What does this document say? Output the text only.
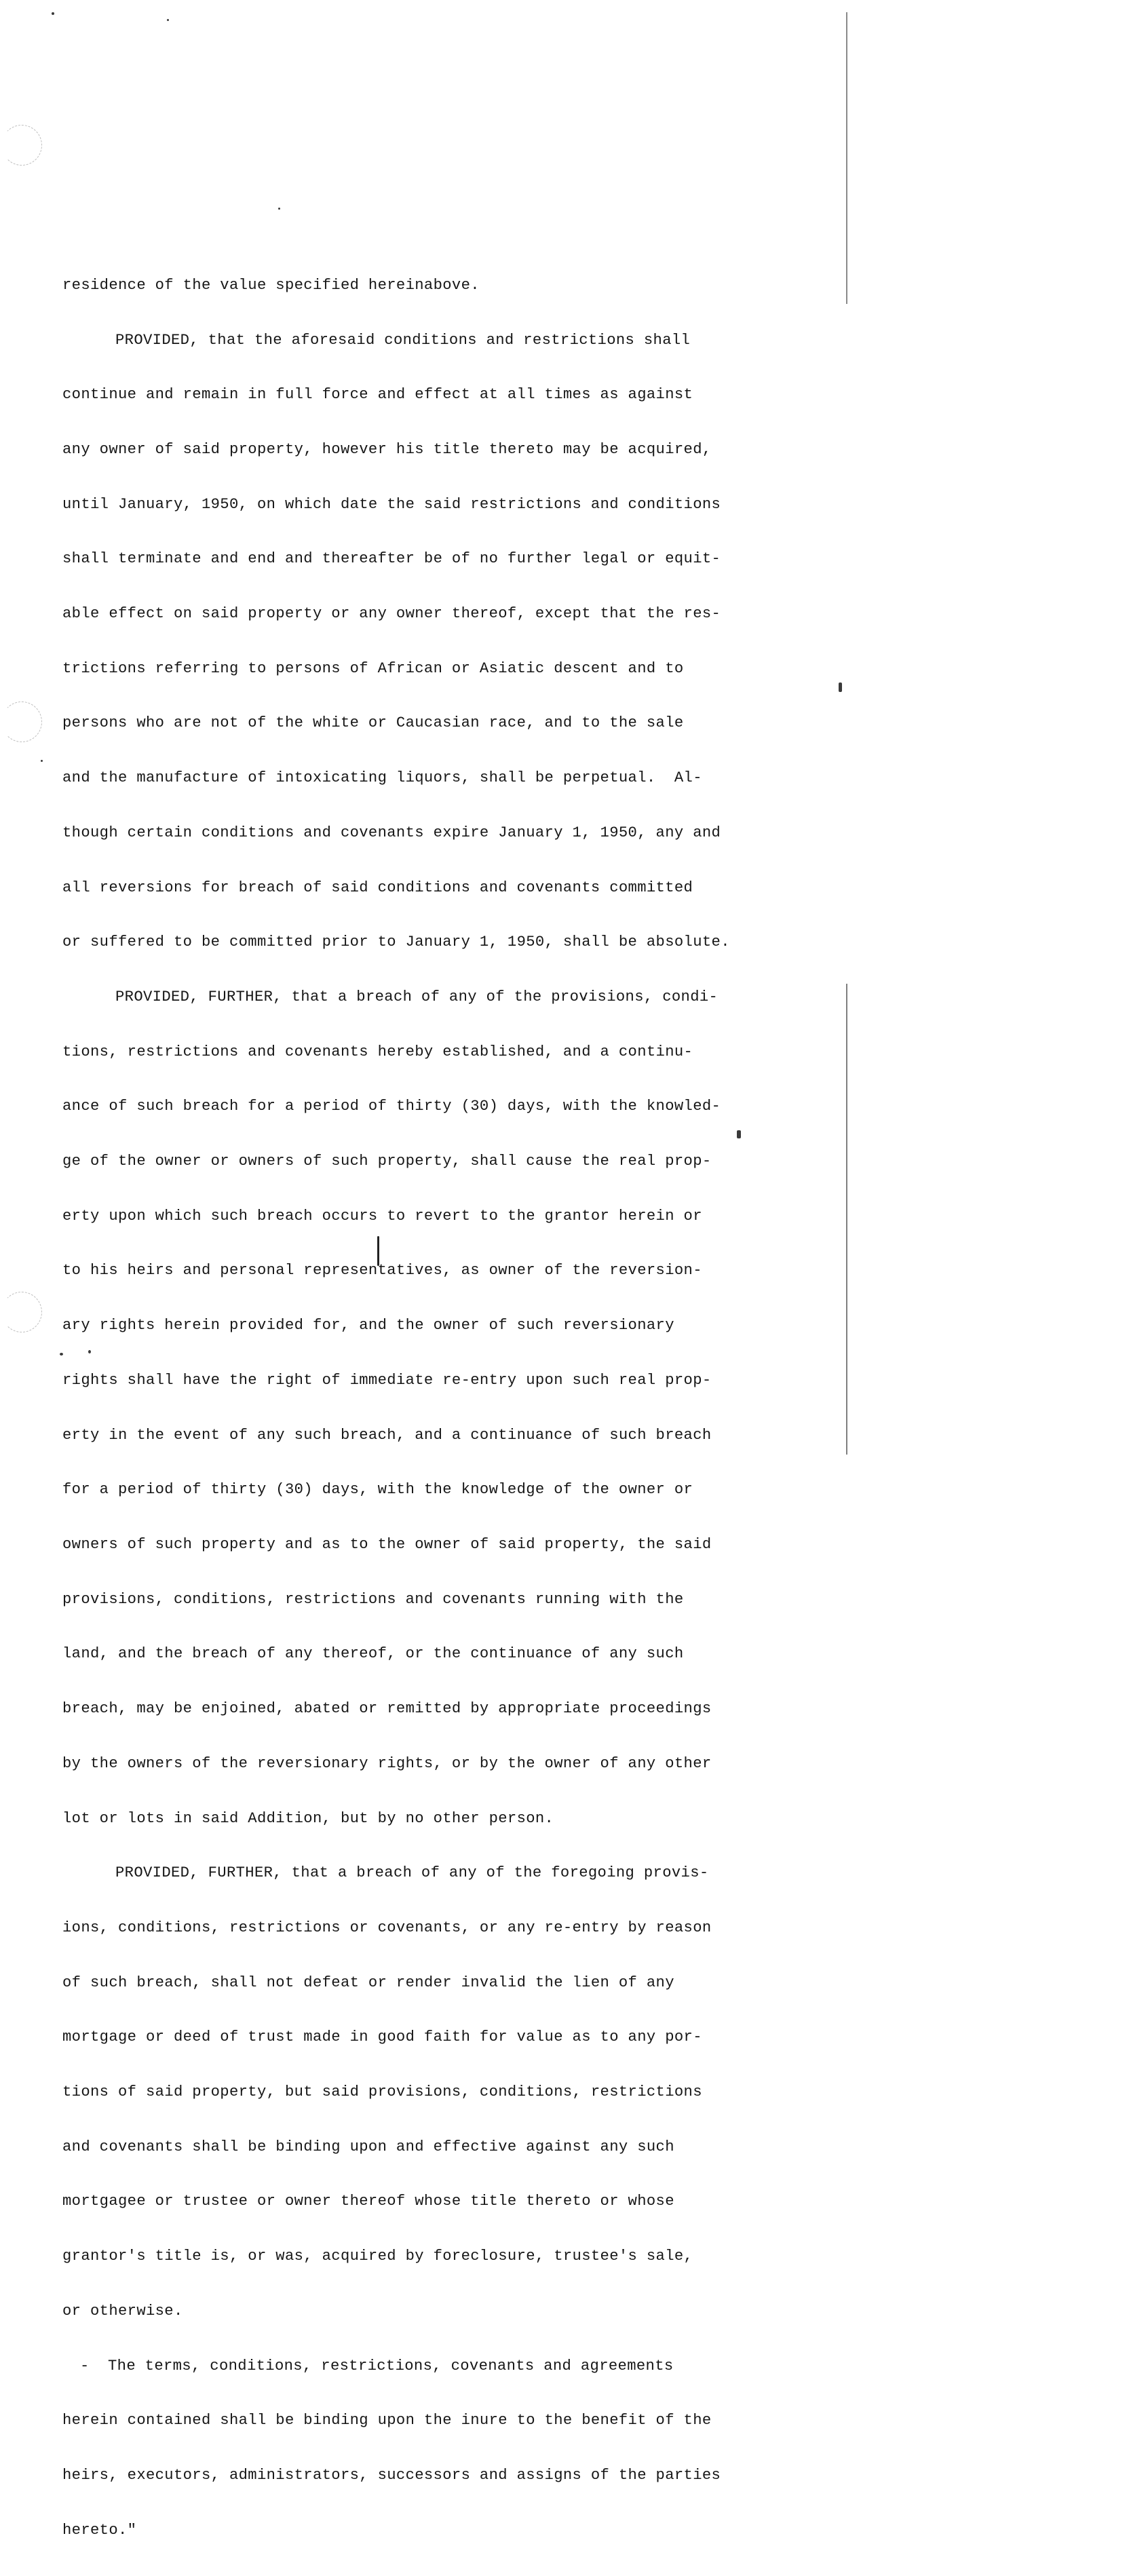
residence of the value specified hereinabove.

PROVIDED, that the aforesaid conditions and restrictions shall

continue and remain in full force and effect at all times as against

any owner of said property, however his title thereto may be acquired,

until January, 1950, on which date the said restrictions and conditions

shall terminate and end and thereafter be of no further legal or equit-

able effect on said property or any owner thereof, except that the res-

trictions referring to persons of African or Asiatic descent and to

persons who are not of the white or Caucasian race, and to the sale

and the manufacture of intoxicating liquors, shall be perpetual.  Al-

though certain conditions and covenants expire January 1, 1950, any and

all reversions for breach of said conditions and covenants committed

or suffered to be committed prior to January 1, 1950, shall be absolute.

PROVIDED, FURTHER, that a breach of any of the provisions, condi-

tions, restrictions and covenants hereby established, and a continu-

ance of such breach for a period of thirty (30) days, with the knowled-

ge of the owner or owners of such property, shall cause the real prop-

erty upon which such breach occurs to revert to the grantor herein or

to his heirs and personal representatives, as owner of the reversion-

ary rights herein provided for, and the owner of such reversionary

rights shall have the right of immediate re-entry upon such real prop-

erty in the event of any such breach, and a continuance of such breach

for a period of thirty (30) days, with the knowledge of the owner or

owners of such property and as to the owner of said property, the said

provisions, conditions, restrictions and covenants running with the

land, and the breach of any thereof, or the continuance of any such

breach, may be enjoined, abated or remitted by appropriate proceedings

by the owners of the reversionary rights, or by the owner of any other

lot or lots in said Addition, but by no other person.

PROVIDED, FURTHER, that a breach of any of the foregoing provis-

ions, conditions, restrictions or covenants, or any re-entry by reason

of such breach, shall not defeat or render invalid the lien of any

mortgage or deed of trust made in good faith for value as to any por-

tions of said property, but said provisions, conditions, restrictions

and covenants shall be binding upon and effective against any such

mortgagee or trustee or owner thereof whose title thereto or whose

grantor's title is, or was, acquired by foreclosure, trustee's sale,

or otherwise.

-  The terms, conditions, restrictions, covenants and agreements

herein contained shall be binding upon the inure to the benefit of the

heirs, executors, administrators, successors and assigns of the parties

hereto."
